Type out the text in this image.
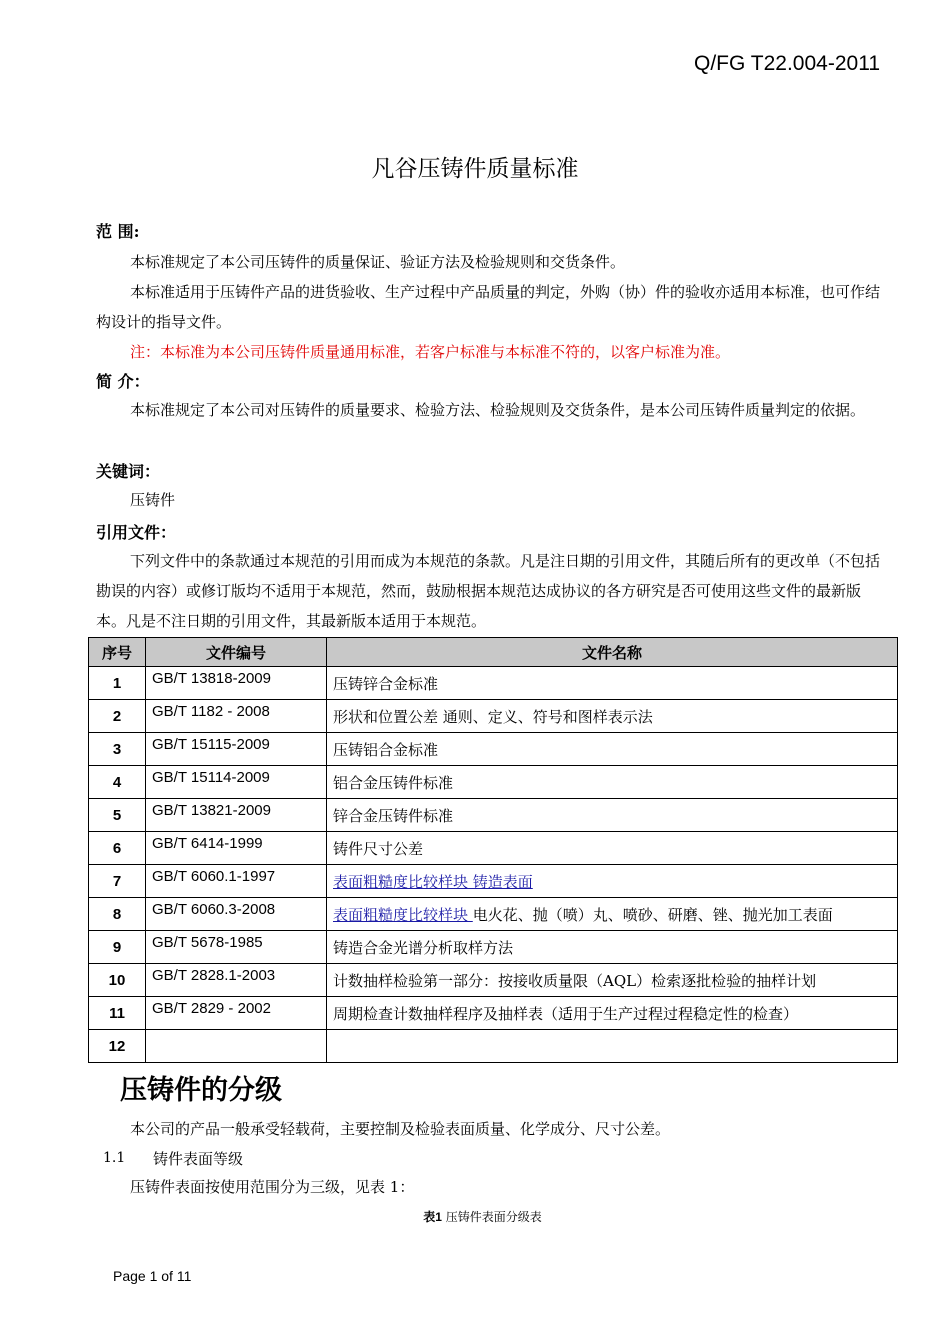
Q/FG T22.004-2011
凡谷压铸件质量标准
范 围:

本标准规定了本公司压铸件的质量保证、验证方法及检验规则和交货条件。

本标准适用于压铸件产品的进货验收、生产过程中产品质量的判定，外购（协）件的验收亦适用本标准，也可作结构设计的指导文件。

注：本标准为本公司压铸件质量通用标准，若客户标准与本标准不符的，以客户标准为准。

简 介：

本标准规定了本公司对压铸件的质量要求、检验方法、检验规则及交货条件，是本公司压铸件质量判定的依据。

关键词：

压铸件

引用文件：

下列文件中的条款通过本规范的引用而成为本规范的条款。凡是注日期的引用文件，其随后所有的更改单（不包括勘误的内容）或修订版均不适用于本规范，然而，鼓励根据本规范达成协议的各方研究是否可使用这些文件的最新版本。凡是不注日期的引用文件，其最新版本适用于本规范。

序号	文件编号	文件名称
1	GB/T 13818-2009	压铸锌合金标准
2	GB/T 1182 - 2008	形状和位置公差 通则、定义、符号和图样表示法
3	GB/T 15115-2009	压铸铝合金标准
4	GB/T 15114-2009	铝合金压铸件标准
5	GB/T 13821-2009	锌合金压铸件标准
6	GB/T 6414-1999	铸件尺寸公差
7	GB/T 6060.1-1997	表面粗糙度比较样块 铸造表面
8	GB/T 6060.3-2008	表面粗糙度比较样块 电火花、抛（喷）丸、喷砂、研磨、锉、抛光加工表面
9	GB/T 5678-1985	铸造合金光谱分析取样方法
10	GB/T 2828.1-2003	计数抽样检验第一部分：按接收质量限（AQL）检索逐批检验的抽样计划
11	GB/T 2829 - 2002	周期检查计数抽样程序及抽样表（适用于生产过程过程稳定性的检查）
12		
压铸件的分级

本公司的产品一般承受轻载荷，主要控制及检验表面质量、化学成分、尺寸公差。

1.1 铸件表面等级

压铸件表面按使用范围分为三级，见表 1：

表1 压铸件表面分级表
Page 1 of 11
